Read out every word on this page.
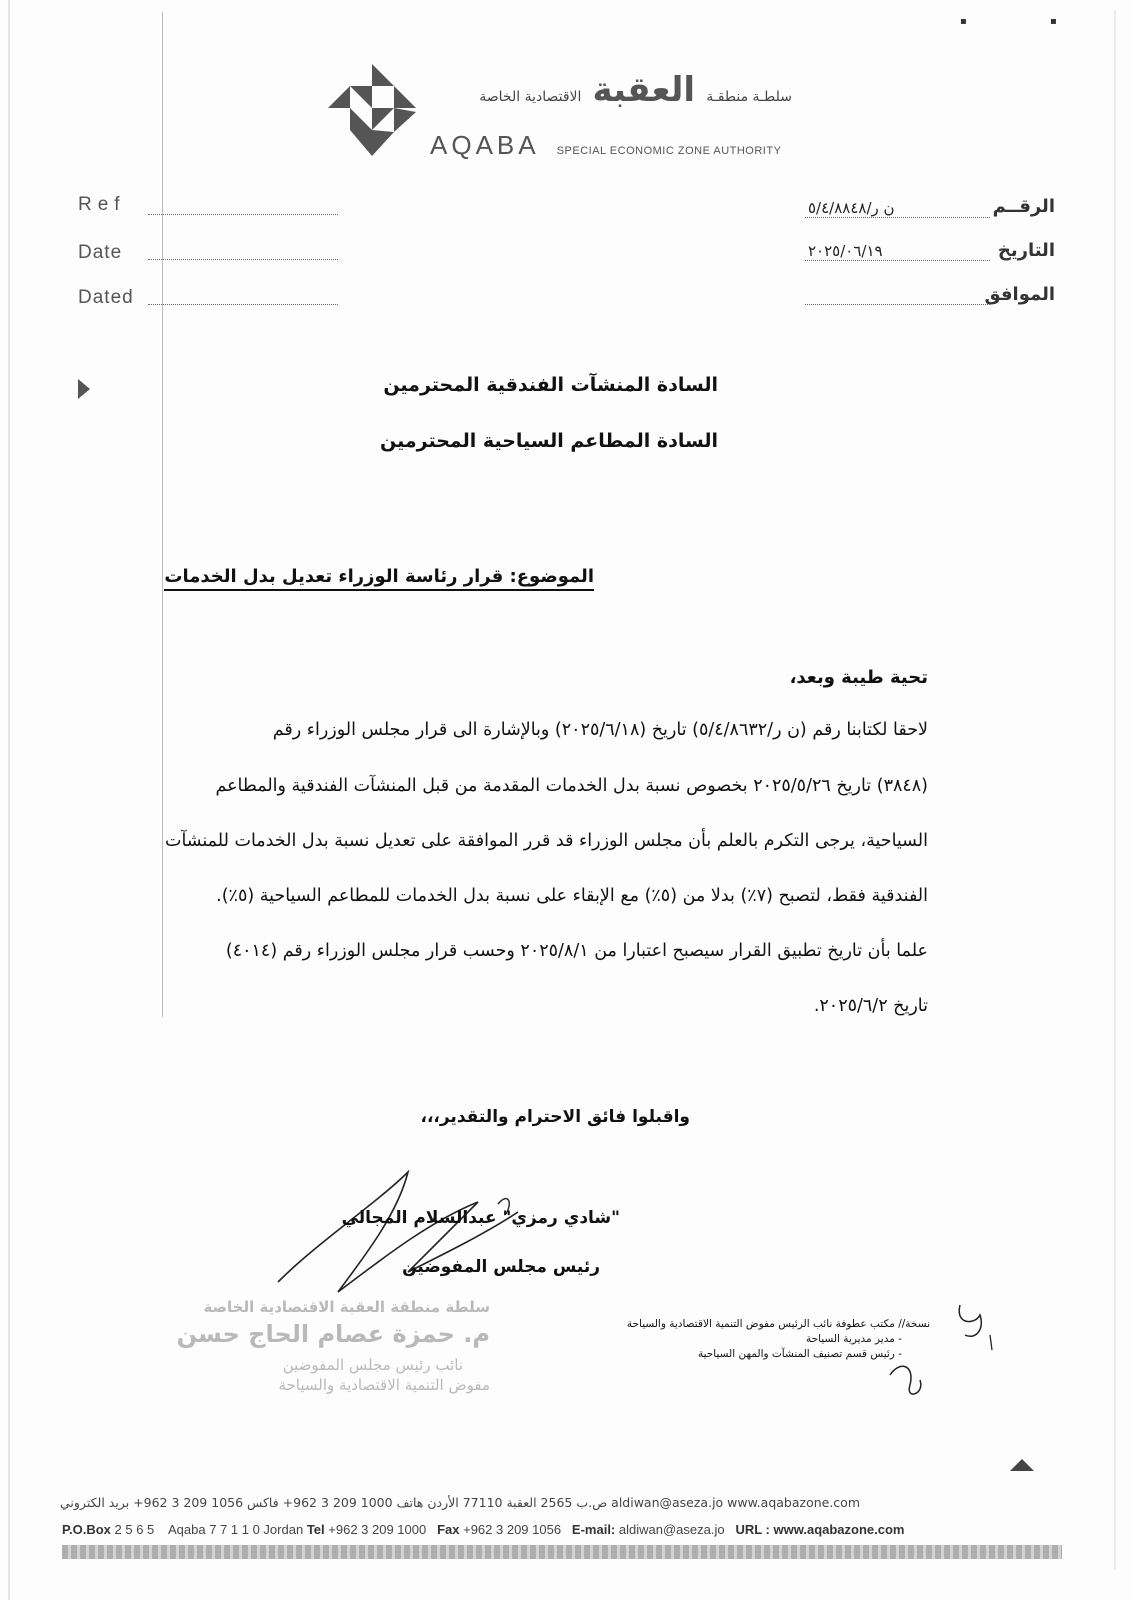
▪ ▪
سلطـة منطقـة العقبة الاقتصادية الخاصة
AQABA SPECIAL ECONOMIC ZONE AUTHORITY
Ref
Date
Dated
الرقــم
ن ر/٥/٤/٨٨٤٨
التاريخ
٢٠٢٥/٠٦/١٩
الموافق
السادة المنشآت الفندقية المحترمين
السادة المطاعم السياحية المحترمين
الموضوع: قرار رئاسة الوزراء تعديل بدل الخدمات
تحية طيبة وبعد،
لاحقا لكتابنا رقم (ن ر/٥/٤/٨٦٣٢) تاريخ (٢٠٢٥/٦/١٨) وبالإشارة الى قرار مجلس الوزراء رقم
(٣٨٤٨) تاريخ ٢٠٢٥/٥/٢٦ بخصوص نسبة بدل الخدمات المقدمة من قبل المنشآت الفندقية والمطاعم
السياحية، يرجى التكرم بالعلم بأن مجلس الوزراء قد قرر الموافقة على تعديل نسبة بدل الخدمات للمنشآت
الفندقية فقط، لتصبح (٧٪) بدلا من (٥٪) مع الإبقاء على نسبة بدل الخدمات للمطاعم السياحية (٥٪).
علما بأن تاريخ تطبيق القرار سيصبح اعتبارا من ٢٠٢٥/٨/١ وحسب قرار مجلس الوزراء رقم (٤٠١٤)
تاريخ ٢٠٢٥/٦/٢.
واقبلوا فائق الاحترام والتقدير،،،
"شادي رمزي" عبدالسلام المجالي
رئيس مجلس المفوضين
سلطة منطقة العقبة الاقتصادية الخاصة
م. حمزة عصام الحاج حسن
نائب رئيس مجلس المفوضين
مفوض التنمية الاقتصادية والسياحة
نسخة// مكتب عطوفة نائب الرئيس مفوض التنمية الاقتصادية والسياحة
- مدير مديرية السياحة
- رئيس قسم تصنيف المنشآت والمهن السياحية
ص.ب 2565 العقبة 77110 الأردن هاتف 1000 209 3 962+ فاكس 1056 209 3 962+ بريد الكتروني aldiwan@aseza.jo www.aqabazone.com
P.O.Box 2 5 6 5 Aqaba 7 7 1 1 0 Jordan Tel +962 3 209 1000 Fax +962 3 209 1056 E-mail: aldiwan@aseza.jo URL : www.aqabazone.com
